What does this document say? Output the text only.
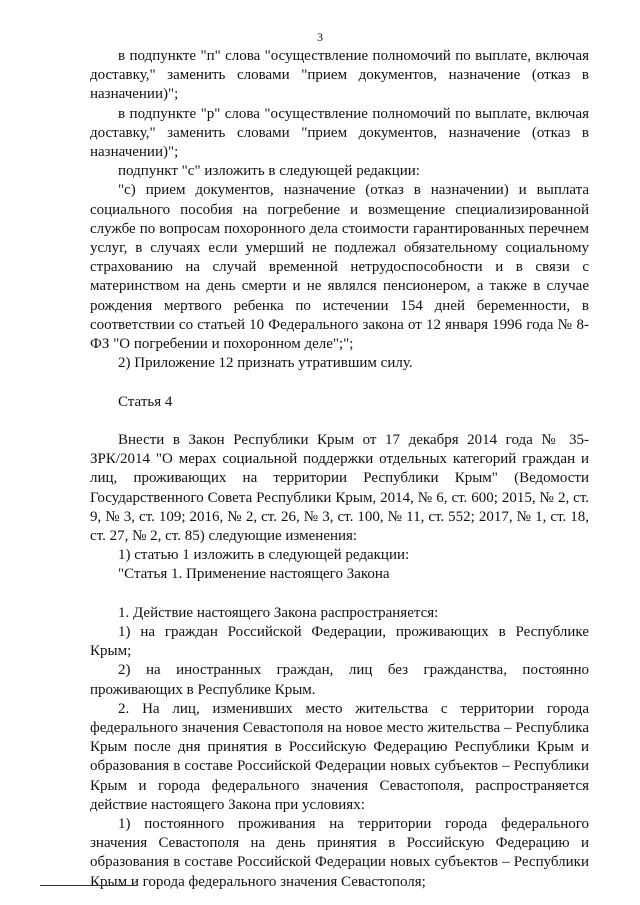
3

в подпункте "п" слова "осуществление полномочий по выплате, включая доставку," заменить словами "прием документов, назначение (отказ в назначении)";

в подпункте "р" слова "осуществление полномочий по выплате, включая доставку," заменить словами "прием документов, назначение (отказ в назначении)";

подпункт "с" изложить в следующей редакции:

"с) прием документов, назначение (отказ в назначении) и выплата социального пособия на погребение и возмещение специализированной службе по вопросам похоронного дела стоимости гарантированных перечнем услуг, в случаях если умерший не подлежал обязательному социальному страхованию на случай временной нетрудоспособности и в связи с материнством на день смерти и не являлся пенсионером, а также в случае рождения мертвого ребенка по истечении 154 дней беременности, в соответствии со статьей 10 Федерального закона от 12 января 1996 года № 8-ФЗ "О погребении и похоронном деле";";

2) Приложение 12 признать утратившим силу.

Статья 4

Внести в Закон Республики Крым от 17 декабря 2014 года № 35-ЗРК/2014 "О мерах социальной поддержки отдельных категорий граждан и лиц, проживающих на территории Республики Крым" (Ведомости Государственного Совета Республики Крым, 2014, № 6, ст. 600; 2015, № 2, ст. 9, № 3, ст. 109; 2016, № 2, ст. 26, № 3, ст. 100, № 11, ст. 552; 2017, № 1, ст. 18, ст. 27, № 2, ст. 85) следующие изменения:

1) статью 1 изложить в следующей редакции:

"Статья 1. Применение настоящего Закона

1. Действие настоящего Закона распространяется:

1) на граждан Российской Федерации, проживающих в Республике Крым;

2) на иностранных граждан, лиц без гражданства, постоянно проживающих в Республике Крым.

2. На лиц, изменивших место жительства с территории города федерального значения Севастополя на новое место жительства – Республика Крым после дня принятия в Российскую Федерацию Республики Крым и образования в составе Российской Федерации новых субъектов – Республики Крым и города федерального значения Севастополя, распространяется действие настоящего Закона при условиях:

1) постоянного проживания на территории города федерального значения Севастополя на день принятия в Российскую Федерацию и образования в составе Российской Федерации новых субъектов – Республики Крым и города федерального значения Севастополя;
